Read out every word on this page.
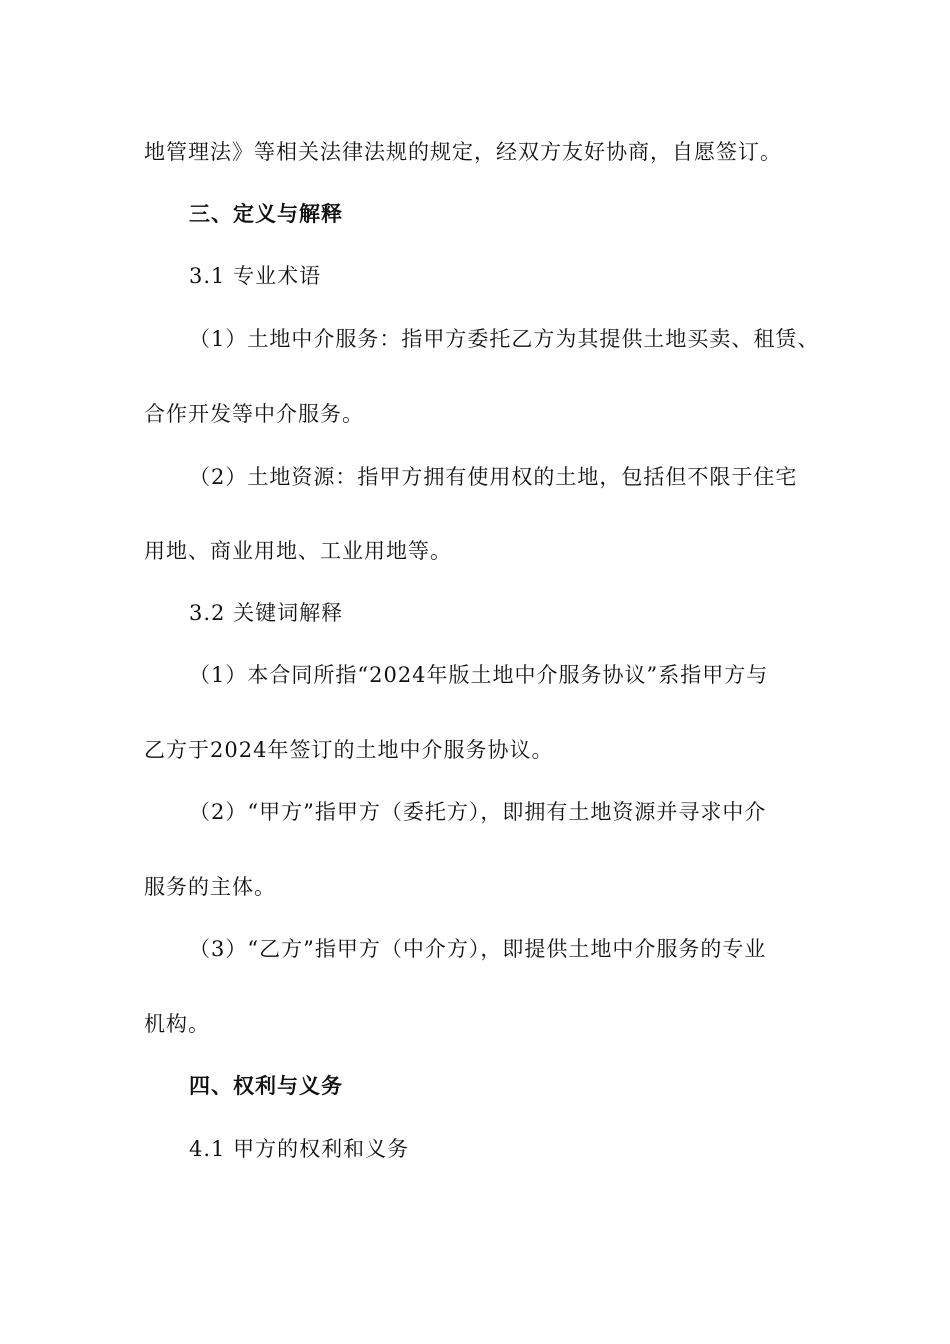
地管理法》等相关法律法规的规定，经双方友好协商，自愿签订。
三、定义与解释
3.1 专业术语
（1）土地中介服务：指甲方委托乙方为其提供土地买卖、租赁、
合作开发等中介服务。
（2）土地资源：指甲方拥有使用权的土地，包括但不限于住宅
用地、商业用地、工业用地等。
3.2 关键词解释
（1）本合同所指“2024年版土地中介服务协议”系指甲方与
乙方于2024年签订的土地中介服务协议。
（2）“甲方”指甲方（委托方），即拥有土地资源并寻求中介
服务的主体。
（3）“乙方”指甲方（中介方），即提供土地中介服务的专业
机构。
四、权利与义务
4.1 甲方的权利和义务
